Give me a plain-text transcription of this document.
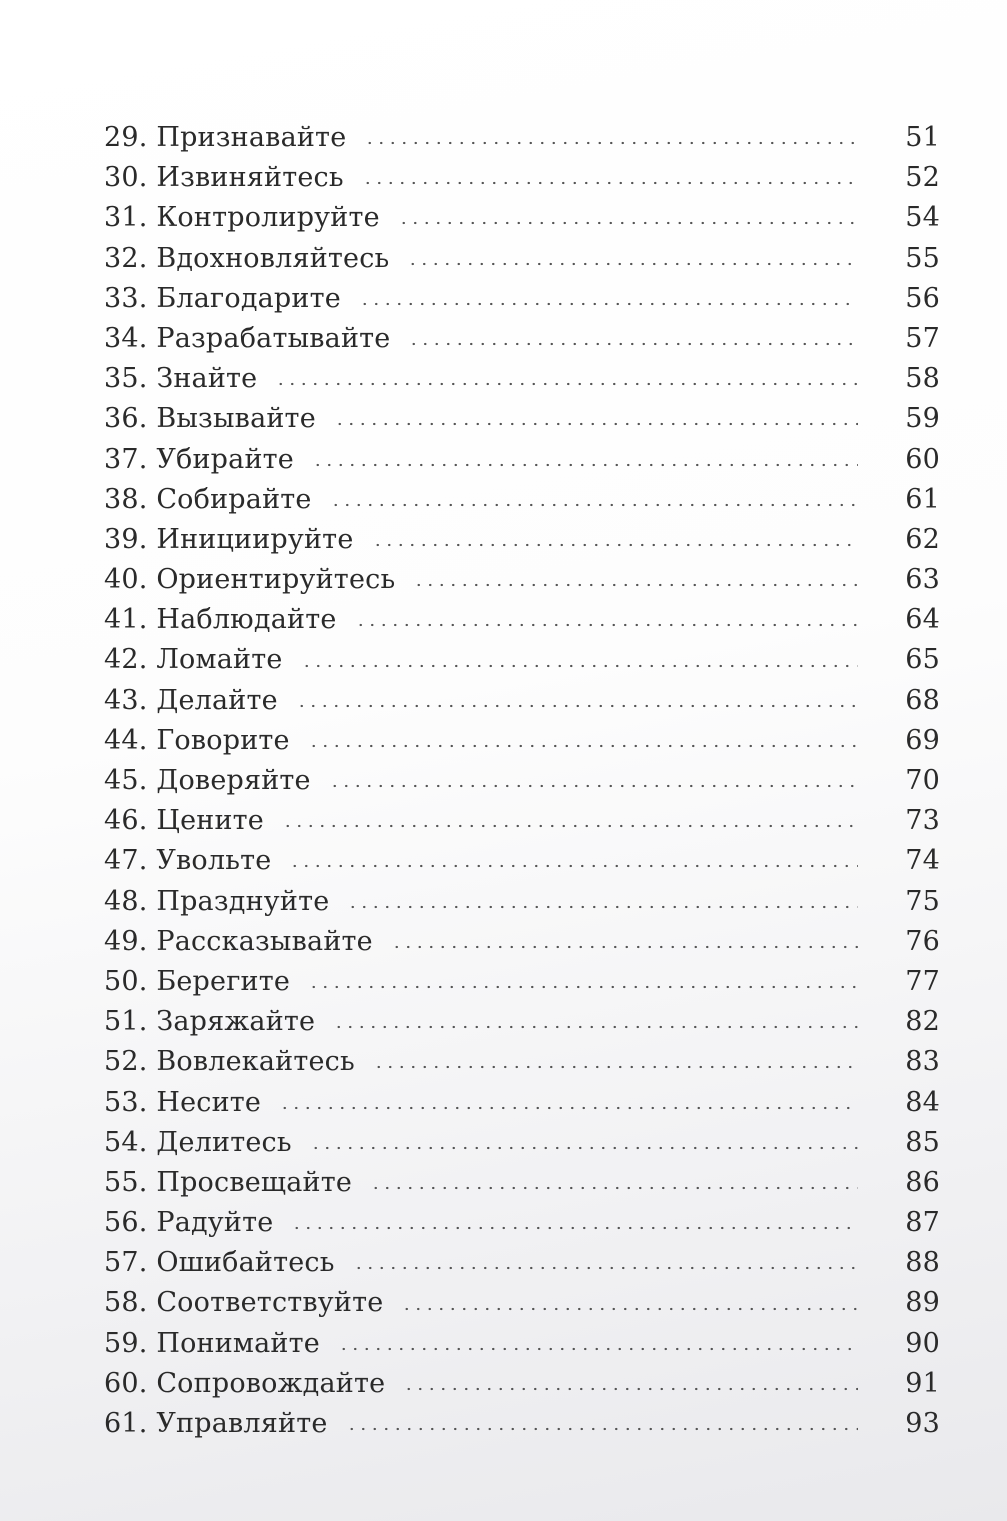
29. Признавайте	51
30. Извиняйтесь	52
31. Контролируйте	54
32. Вдохновляйтесь	55
33. Благодарите	56
34. Разрабатывайте	57
35. Знайте	58
36. Вызывайте	59
37. Убирайте	60
38. Собирайте	61
39. Инициируйте	62
40. Ориентируйтесь	63
41. Наблюдайте	64
42. Ломайте	65
43. Делайте	68
44. Говорите	69
45. Доверяйте	70
46. Цените	73
47. Увольте	74
48. Празднуйте	75
49. Рассказывайте	76
50. Берегите	77
51. Заряжайте	82
52. Вовлекайтесь	83
53. Несите	84
54. Делитесь	85
55. Просвещайте	86
56. Радуйте	87
57. Ошибайтесь	88
58. Соответствуйте	89
59. Понимайте	90
60. Сопровождайте	91
61. Управляйте	93
